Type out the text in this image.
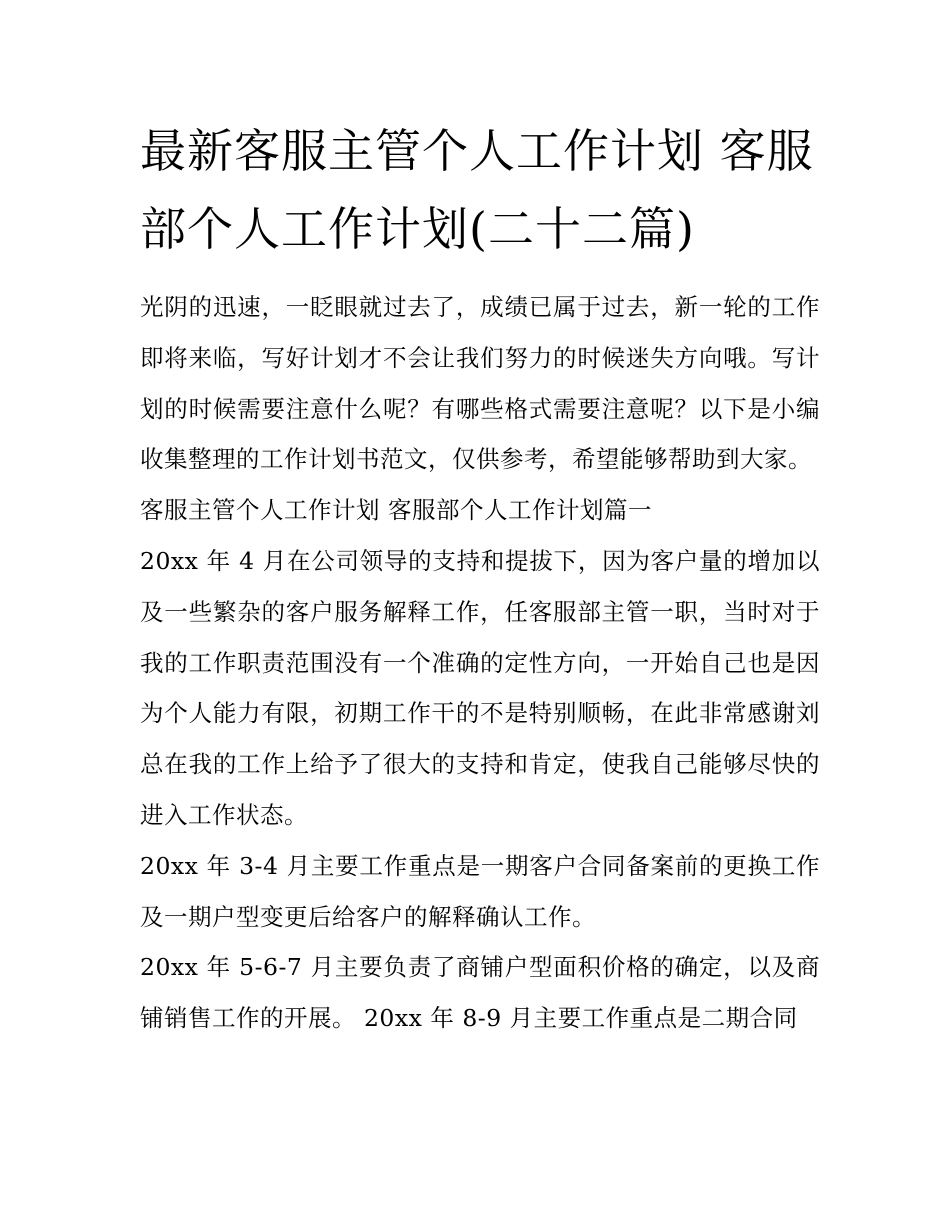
最新客服主管个人工作计划 客服部个人工作计划(二十二篇)

光阴的迅速，一眨眼就过去了，成绩已属于过去，新一轮的工作即将来临，写好计划才不会让我们努力的时候迷失方向哦。写计划的时候需要注意什么呢？有哪些格式需要注意呢？以下是小编收集整理的工作计划书范文，仅供参考，希望能够帮助到大家。

客服主管个人工作计划 客服部个人工作计划篇一

20xx 年 4 月在公司领导的支持和提拔下，因为客户量的增加以及一些繁杂的客户服务解释工作，任客服部主管一职，当时对于我的工作职责范围没有一个准确的定性方向，一开始自己也是因为个人能力有限，初期工作干的不是特别顺畅，在此非常感谢刘总在我的工作上给予了很大的支持和肯定，使我自己能够尽快的进入工作状态。

20xx 年 3-4 月主要工作重点是一期客户合同备案前的更换工作及一期户型变更后给客户的解释确认工作。

20xx 年 5-6-7 月主要负责了商铺户型面积价格的确定，以及商铺销售工作的开展。 20xx 年 8-9 月主要工作重点是二期合同
